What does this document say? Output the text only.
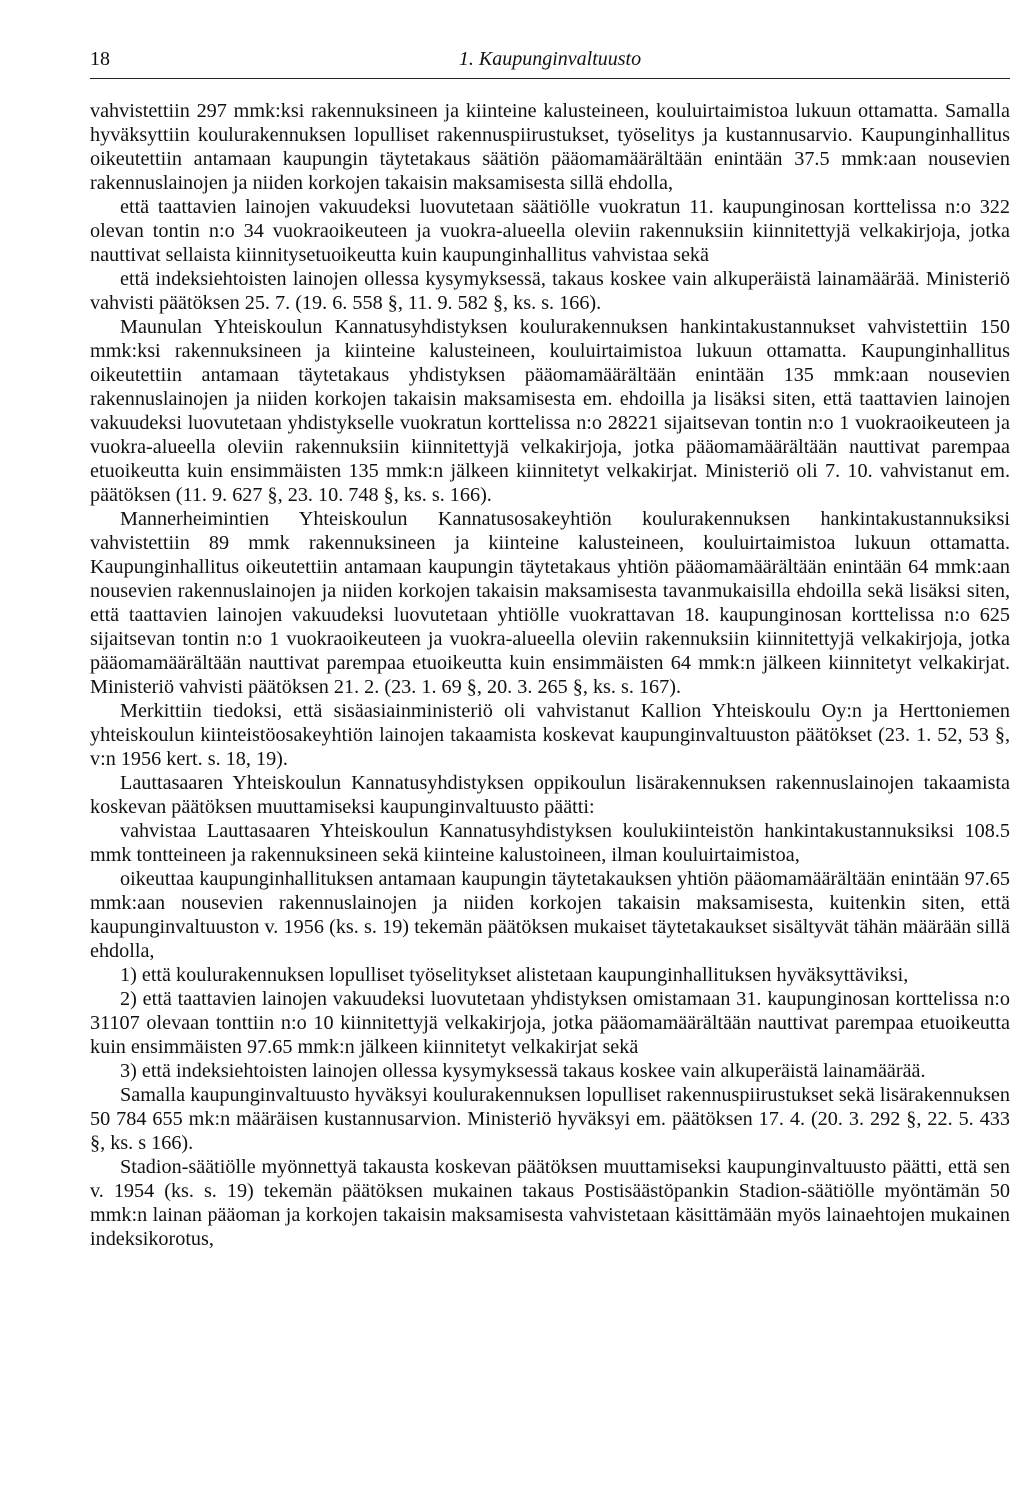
18	1. Kaupunginvaltuusto

vahvistettiin 297 mmk:ksi rakennuksineen ja kiinteine kalusteineen, kouluirtaimistoa lukuun ottamatta. Samalla hyväksyttiin koulurakennuksen lopulliset rakennuspiirustukset, työselitys ja kustannusarvio. Kaupunginhallitus oikeutettiin antamaan kaupungin täytetakaus säätiön pääomamäärältään enintään 37.5 mmk:aan nousevien rakennuslainojen ja niiden korkojen takaisin maksamisesta sillä ehdolla,

että taattavien lainojen vakuudeksi luovutetaan säätiölle vuokratun 11. kaupunginosan korttelissa n:o 322 olevan tontin n:o 34 vuokraoikeuteen ja vuokra-alueella oleviin rakennuksiin kiinnitettyjä velkakirjoja, jotka nauttivat sellaista kiinnitysetuoikeutta kuin kaupunginhallitus vahvistaa sekä

että indeksiehtoisten lainojen ollessa kysymyksessä, takaus koskee vain alkuperäistä lainamäärää. Ministeriö vahvisti päätöksen 25. 7. (19. 6. 558 §, 11. 9. 582 §, ks. s. 166).

Maunulan Yhteiskoulun Kannatusyhdistyksen koulurakennuksen hankintakustannukset vahvistettiin 150 mmk:ksi rakennuksineen ja kiinteine kalusteineen, kouluirtaimistoa lukuun ottamatta. Kaupunginhallitus oikeutettiin antamaan täytetakaus yhdistyksen pääomamäärältään enintään 135 mmk:aan nousevien rakennuslainojen ja niiden korkojen takaisin maksamisesta em. ehdoilla ja lisäksi siten, että taattavien lainojen vakuudeksi luovutetaan yhdistykselle vuokratun korttelissa n:o 28221 sijaitsevan tontin n:o 1 vuokraoikeuteen ja vuokra-alueella oleviin rakennuksiin kiinnitettyjä velkakirjoja, jotka pääomamäärältään nauttivat parempaa etuoikeutta kuin ensimmäisten 135 mmk:n jälkeen kiinnitetyt velkakirjat. Ministeriö oli 7. 10. vahvistanut em. päätöksen (11. 9. 627 §, 23. 10. 748 §, ks. s. 166).

Mannerheimintien Yhteiskoulun Kannatusosakeyhtiön koulurakennuksen hankintakustannuksiksi vahvistettiin 89 mmk rakennuksineen ja kiinteine kalusteineen, kouluirtaimistoa lukuun ottamatta. Kaupunginhallitus oikeutettiin antamaan kaupungin täytetakaus yhtiön pääomamäärältään enintään 64 mmk:aan nousevien rakennuslainojen ja niiden korkojen takaisin maksamisesta tavanmukaisilla ehdoilla sekä lisäksi siten, että taattavien lainojen vakuudeksi luovutetaan yhtiölle vuokrattavan 18. kaupunginosan korttelissa n:o 625 sijaitsevan tontin n:o 1 vuokraoikeuteen ja vuokra-alueella oleviin rakennuksiin kiinnitettyjä velkakirjoja, jotka pääomamäärältään nauttivat parempaa etuoikeutta kuin ensimmäisten 64 mmk:n jälkeen kiinnitetyt velkakirjat. Ministeriö vahvisti päätöksen 21. 2. (23. 1. 69 §, 20. 3. 265 §, ks. s. 167).

Merkittiin tiedoksi, että sisäasiainministeriö oli vahvistanut Kallion Yhteiskoulu Oy:n ja Herttoniemen yhteiskoulun kiinteistöosakeyhtiön lainojen takaamista koskevat kaupunginvaltuuston päätökset (23. 1. 52, 53 §, v:n 1956 kert. s. 18, 19).

Lauttasaaren Yhteiskoulun Kannatusyhdistyksen oppikoulun lisärakennuksen rakennuslainojen takaamista koskevan päätöksen muuttamiseksi kaupunginvaltuusto päätti:

vahvistaa Lauttasaaren Yhteiskoulun Kannatusyhdistyksen koulukiinteistön hankintakustannuksiksi 108.5 mmk tontteineen ja rakennuksineen sekä kiinteine kalustoineen, ilman kouluirtaimistoa,

oikeuttaa kaupunginhallituksen antamaan kaupungin täytetakauksen yhtiön pääomamäärältään enintään 97.65 mmk:aan nousevien rakennuslainojen ja niiden korkojen takaisin maksamisesta, kuitenkin siten, että kaupunginvaltuuston v. 1956 (ks. s. 19) tekemän päätöksen mukaiset täytetakaukset sisältyvät tähän määrään sillä ehdolla,

1) että koulurakennuksen lopulliset työselitykset alistetaan kaupunginhallituksen hyväksyttäviksi,

2) että taattavien lainojen vakuudeksi luovutetaan yhdistyksen omistamaan 31. kaupunginosan korttelissa n:o 31107 olevaan tonttiin n:o 10 kiinnitettyjä velkakirjoja, jotka pääomamäärältään nauttivat parempaa etuoikeutta kuin ensimmäisten 97.65 mmk:n jälkeen kiinnitetyt velkakirjat sekä

3) että indeksiehtoisten lainojen ollessa kysymyksessä takaus koskee vain alkuperäistä lainamäärää.

Samalla kaupunginvaltuusto hyväksyi koulurakennuksen lopulliset rakennuspiirustukset sekä lisärakennuksen 50 784 655 mk:n määräisen kustannusarvion. Ministeriö hyväksyi em. päätöksen 17. 4. (20. 3. 292 §, 22. 5. 433 §, ks. s 166).

Stadion-säätiölle myönnettyä takausta koskevan päätöksen muuttamiseksi kaupunginvaltuusto päätti, että sen v. 1954 (ks. s. 19) tekemän päätöksen mukainen takaus Postisäästöpankin Stadion-säätiölle myöntämän 50 mmk:n lainan pääoman ja korkojen takaisin maksamisesta vahvistetaan käsittämään myös lainaehtojen mukainen indeksikorotus,
